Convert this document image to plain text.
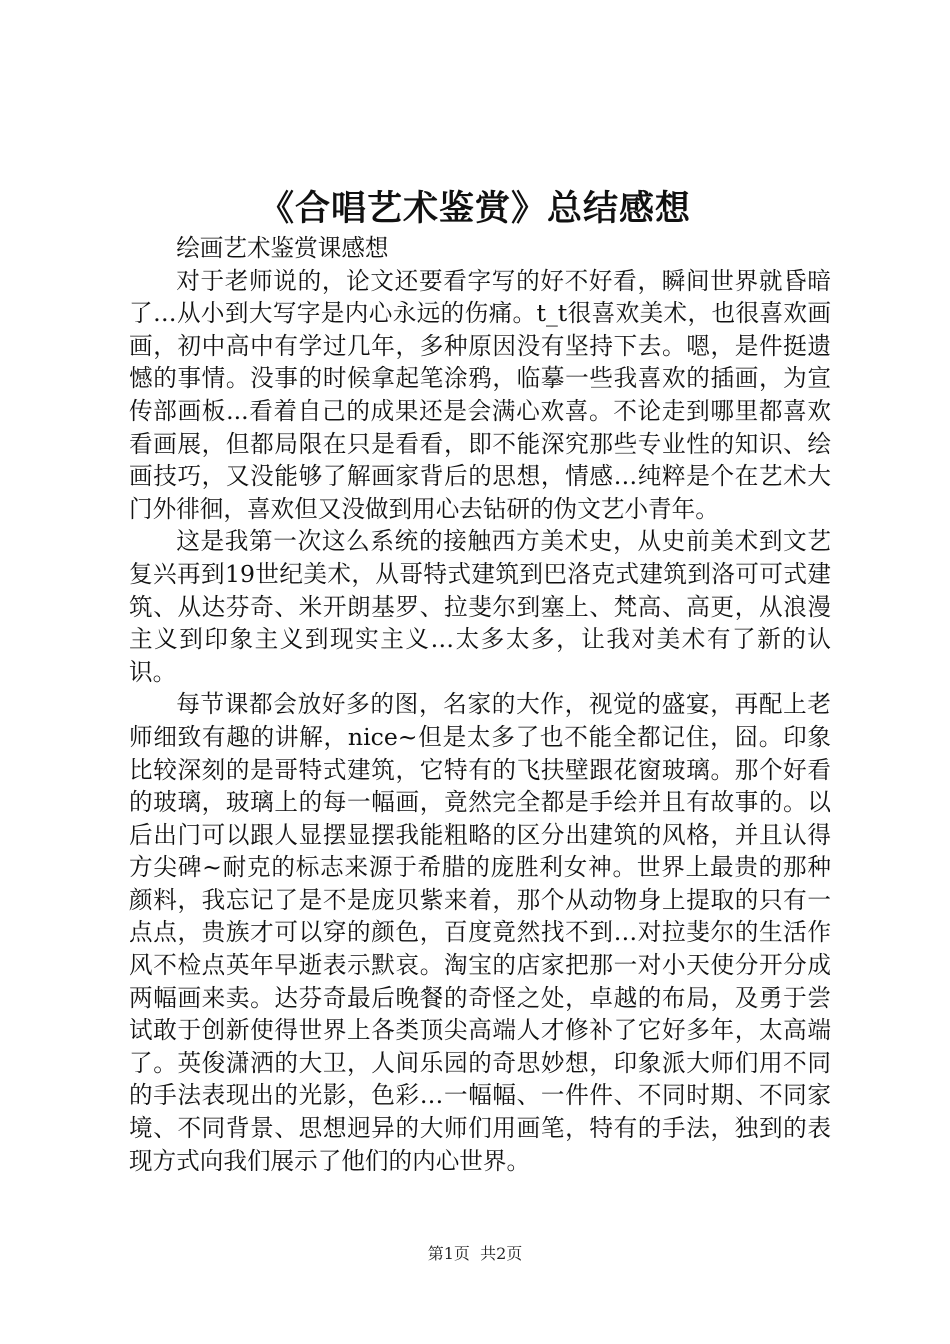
《合唱艺术鉴赏》总结感想

绘画艺术鉴赏课感想

对于老师说的，论文还要看字写的好不好看，瞬间世界就昏暗了…从小到大写字是内心永远的伤痛。t_t很喜欢美术，也很喜欢画画，初中高中有学过几年，多种原因没有坚持下去。嗯，是件挺遗憾的事情。没事的时候拿起笔涂鸦，临摹一些我喜欢的插画，为宣传部画板...看着自己的成果还是会满心欢喜。不论走到哪里都喜欢看画展，但都局限在只是看看，即不能深究那些专业性的知识、绘画技巧，又没能够了解画家背后的思想，情感…纯粹是个在艺术大门外徘徊，喜欢但又没做到用心去钻研的伪文艺小青年。

这是我第一次这么系统的接触西方美术史，从史前美术到文艺复兴再到19世纪美术，从哥特式建筑到巴洛克式建筑到洛可可式建筑、从达芬奇、米开朗基罗、拉斐尔到塞上、梵高、高更，从浪漫主义到印象主义到现实主义…太多太多，让我对美术有了新的认识。

每节课都会放好多的图，名家的大作，视觉的盛宴，再配上老师细致有趣的讲解，nice~但是太多了也不能全都记住，囧。印象比较深刻的是哥特式建筑，它特有的飞扶壁跟花窗玻璃。那个好看的玻璃，玻璃上的每一幅画，竟然完全都是手绘并且有故事的。以后出门可以跟人显摆显摆我能粗略的区分出建筑的风格，并且认得方尖碑~耐克的标志来源于希腊的庞胜利女神。世界上最贵的那种颜料，我忘记了是不是庞贝紫来着，那个从动物身上提取的只有一点点，贵族才可以穿的颜色，百度竟然找不到…对拉斐尔的生活作风不检点英年早逝表示默哀。淘宝的店家把那一对小天使分开分成两幅画来卖。达芬奇最后晚餐的奇怪之处，卓越的布局，及勇于尝试敢于创新使得世界上各类顶尖高端人才修补了它好多年，太高端了。英俊潇洒的大卫，人间乐园的奇思妙想，印象派大师们用不同的手法表现出的光影，色彩…一幅幅、一件件、不同时期、不同家境、不同背景、思想迥异的大师们用画笔，特有的手法，独到的表现方式向我们展示了他们的内心世界。

第1页 共2页
